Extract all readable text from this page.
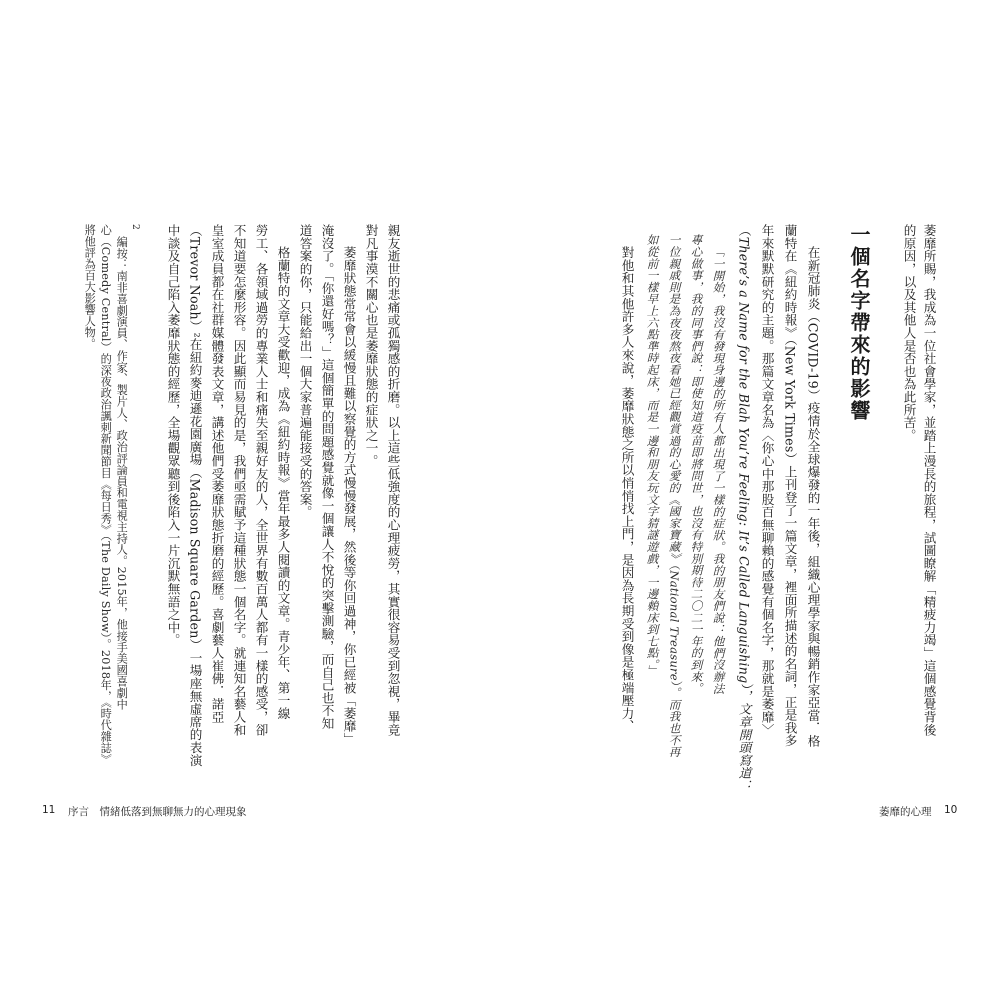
萎靡所賜，我成為一位社會學家，並踏上漫長的旅程，試圖瞭解「精疲力竭」這個感覺背後
的原因，以及其他人是否也為此所苦。
一個名字帶來的影響
在新冠肺炎（COVID-19）疫情於全球爆發的一年後，組織心理學家與暢銷作家亞當．格
蘭特在《紐約時報》（New York Times）上刊登了一篇文章，裡面所描述的名詞，正是我多
年來默默研究的主題。那篇文章名為〈你心中那股百無聊賴的感覺有個名字，那就是萎靡〉
（There’s a Name for the Blah You’re Feeling: It’s Called Languishing），文章開頭寫道：
「一開始，我沒有發現身邊的所有人都出現了一樣的症狀。我的朋友們說：他們沒辦法
專心做事，我的同事們說：即使知道疫苗即將問世，也沒有特別期待二〇二一年的到來。
一位親戚則是為夜夜熬夜看她已經觀賞過的心愛的《國家寶藏》（National Treasure）。而我也不再
如從前一樣早上六點準時起床，而是一邊和朋友玩文字猜謎遊戲，一邊賴床到七點。」
對他和其他許多人來說，萎靡狀態之所以悄悄找上門，是因為長期受到像是極端壓力、
萎靡的心理 10
親友逝世的悲痛或孤獨感的折磨。以上這些低強度的心理疲勞，其實很容易受到忽視，畢竟
對凡事漠不關心也是萎靡狀態的症狀之一。
萎靡狀態常常會以緩慢且難以察覺的方式慢慢發展，然後等你回過神，你已經被「萎靡」
淹沒了。「你還好嗎？」這個簡單的問題感覺就像一個讓人不悅的突擊測驗，而自己也不知
道答案的你，只能給出一個大家普遍能接受的答案。
格蘭特的文章大受歡迎，成為《紐約時報》當年最多人閱讀的文章。青少年、第一線
勞工、各領域過勞的專業人士和痛失至親好友的人，全世界有數百萬人都有一樣的感受，卻
不知道要怎麼形容。因此顯而易見的是，我們亟需賦予這種狀態一個名字。就連知名藝人和
皇室成員都在社群媒體發表文章，講述他們受萎靡狀態折磨的經歷。喜劇藝人崔佛．諾亞
（Trevor Noah）²在紐約麥迪遜花園廣場（Madison Square Garden）一場座無虛席的表演
中談及自己陷入萎靡狀態的經歷，全場觀眾聽到後陷入一片沉默無語之中。
2
編按：南非喜劇演員、作家、製片人、政治評論員和電視主持人。2015年，他接手美國喜劇中
心（Comedy Central）的深夜政治諷刺新聞節目《每日秀》（The Daily Show）。2018年，《時代雜誌》
將他評為百大影響人物。
11 序言　情緒低落到無聊無力的心理現象
